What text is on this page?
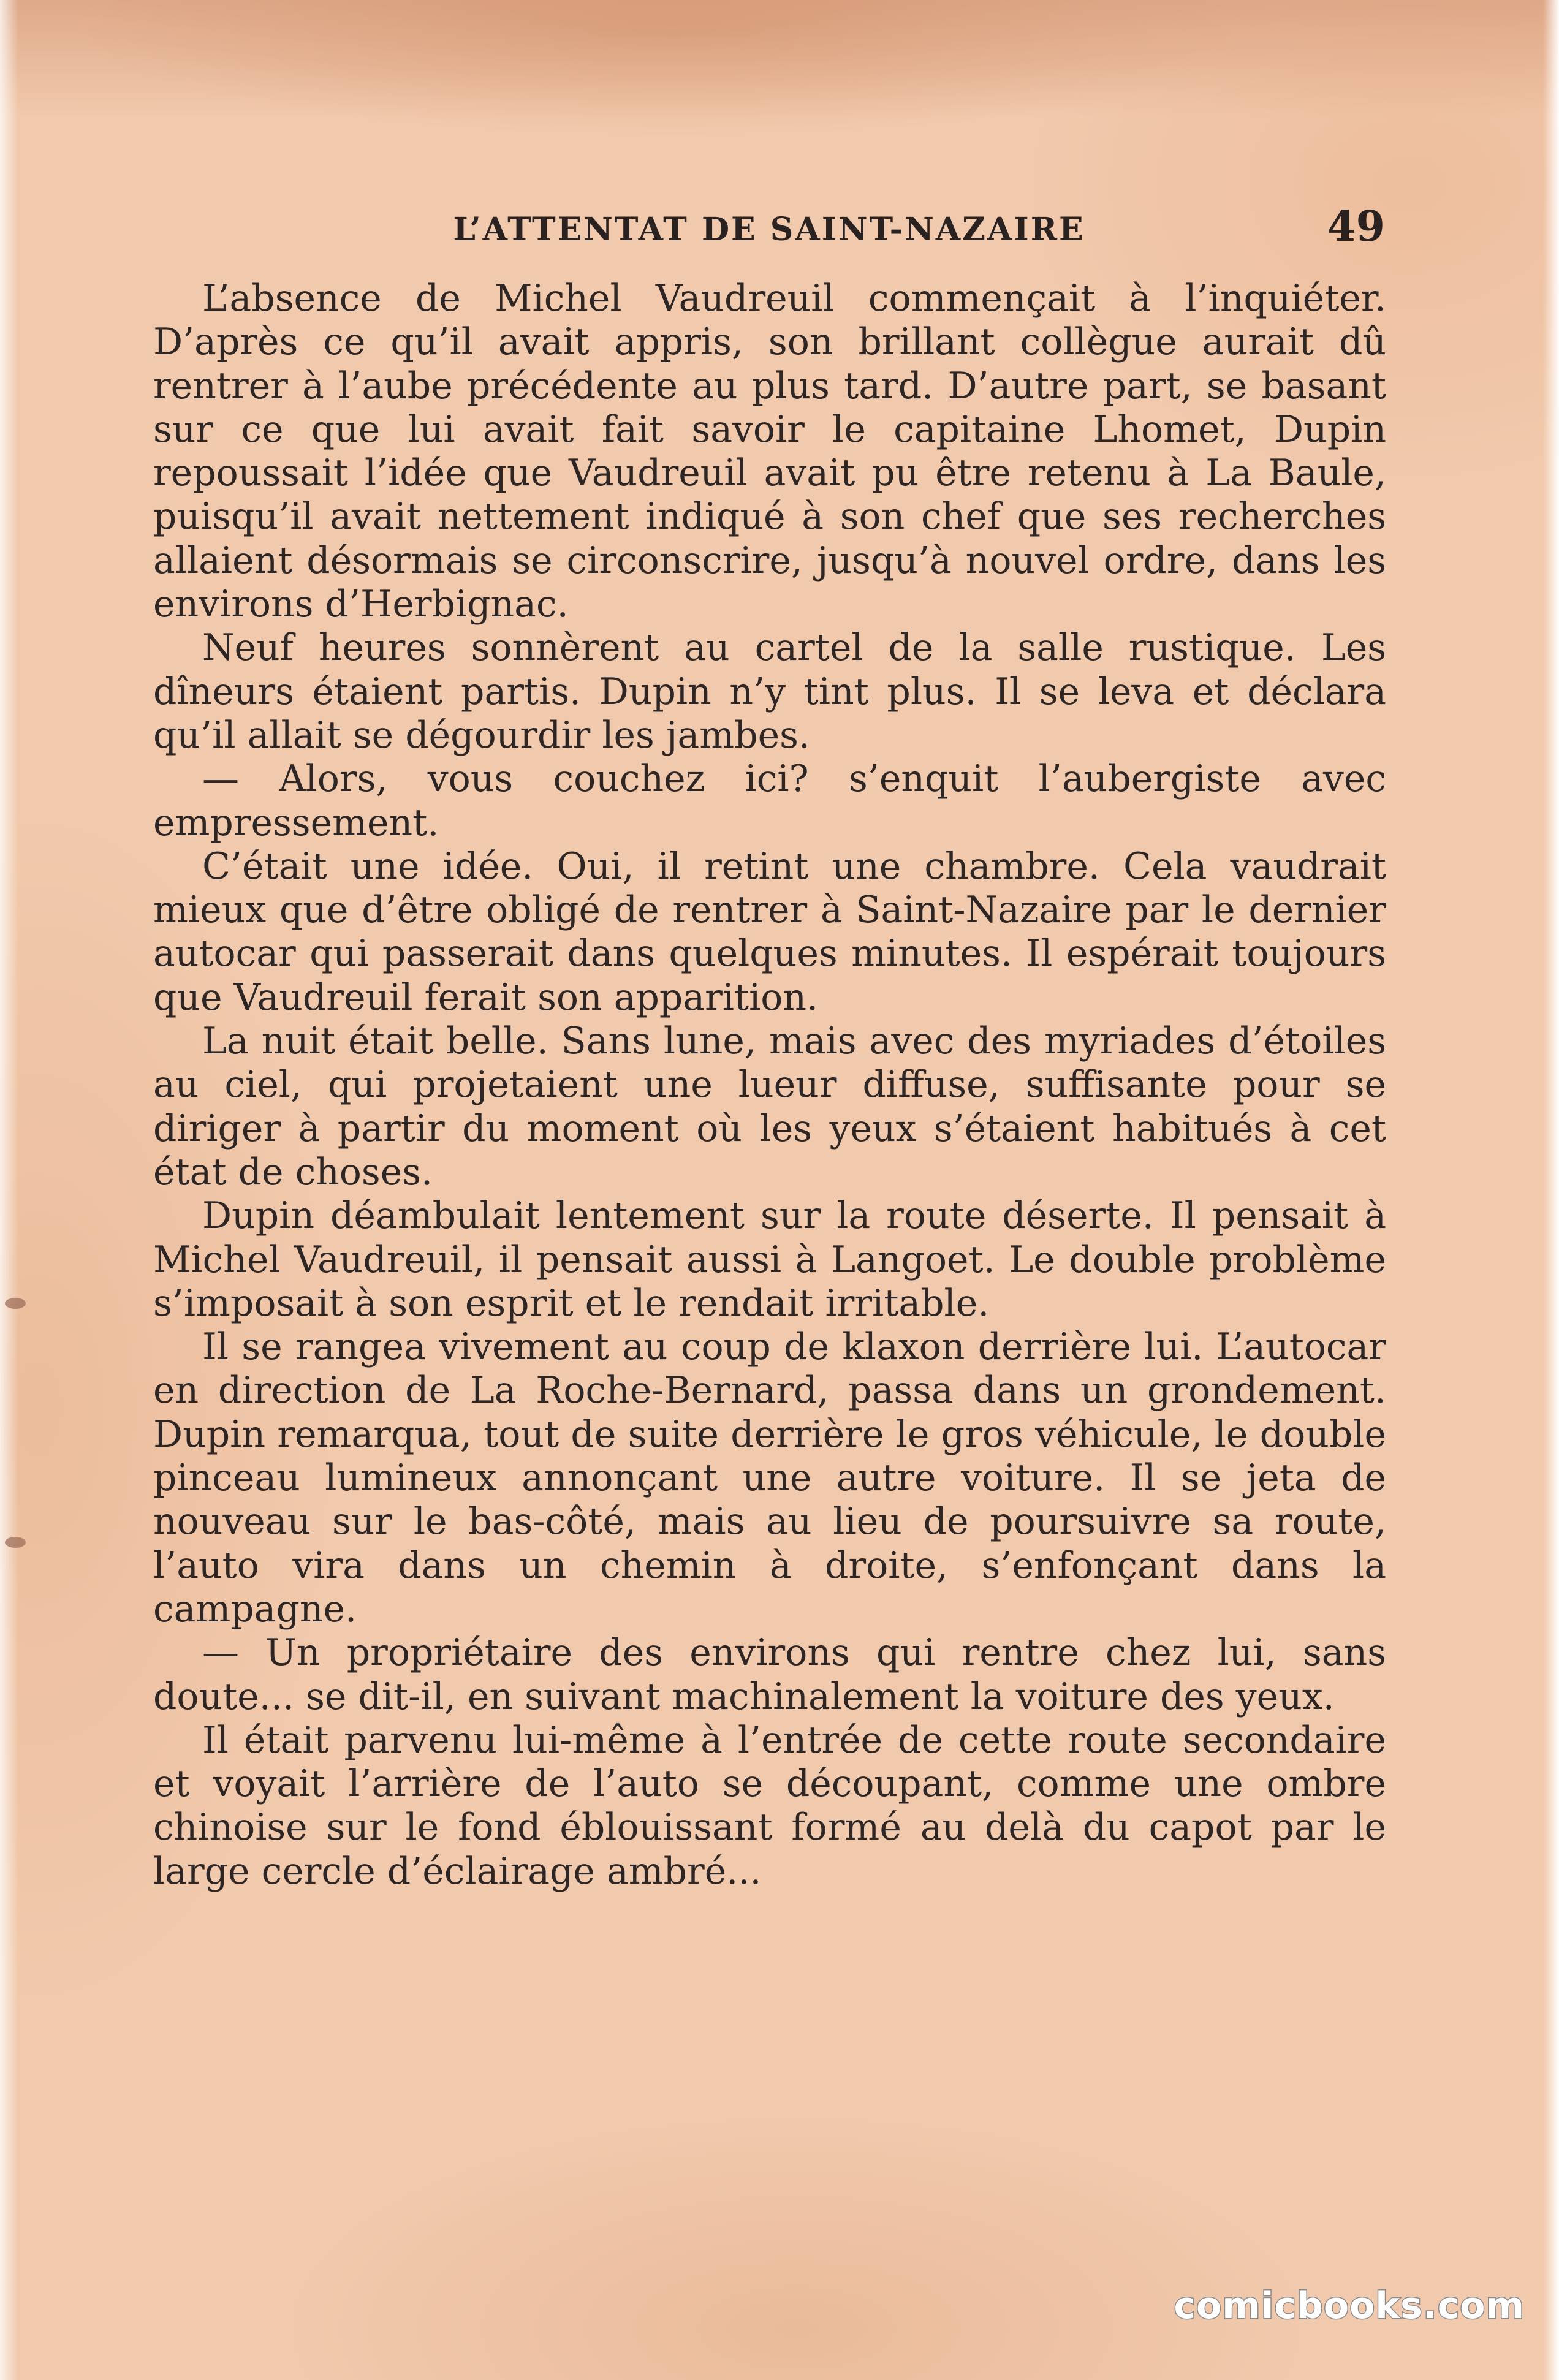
L’ATTENTAT DE SAINT-NAZAIRE	49

L’absence de Michel Vaudreuil commençait à l’inquiéter. D’après ce qu’il avait appris, son brillant collègue aurait dû rentrer à l’aube précédente au plus tard. D’autre part, se basant sur ce que lui avait fait savoir le capitaine Lhomet, Dupin repoussait l’idée que Vaudreuil avait pu être retenu à La Baule, puisqu’il avait nettement indiqué à son chef que ses recherches allaient désormais se circonscrire, jusqu’à nouvel ordre, dans les environs d’Herbignac.

Neuf heures sonnèrent au cartel de la salle rustique. Les dîneurs étaient partis. Dupin n’y tint plus. Il se leva et déclara qu’il allait se dégourdir les jambes.

— Alors, vous couchez ici? s’enquit l’aubergiste avec empressement.

C’était une idée. Oui, il retint une chambre. Cela vaudrait mieux que d’être obligé de rentrer à Saint-Nazaire par le dernier autocar qui passerait dans quelques minutes. Il espérait toujours que Vaudreuil ferait son apparition.

La nuit était belle. Sans lune, mais avec des myriades d’étoiles au ciel, qui projetaient une lueur diffuse, suffisante pour se diriger à partir du moment où les yeux s’étaient habitués à cet état de choses.

Dupin déambulait lentement sur la route déserte. Il pensait à Michel Vaudreuil, il pensait aussi à Langoet. Le double problème s’imposait à son esprit et le rendait irritable.

Il se rangea vivement au coup de klaxon derrière lui. L’autocar en direction de La Roche-Bernard, passa dans un grondement. Dupin remarqua, tout de suite derrière le gros véhicule, le double pinceau lumineux annonçant une autre voiture. Il se jeta de nouveau sur le bas-côté, mais au lieu de poursuivre sa route, l’auto vira dans un chemin à droite, s’enfonçant dans la campagne.

— Un propriétaire des environs qui rentre chez lui, sans doute... se dit-il, en suivant machinalement la voiture des yeux.

Il était parvenu lui-même à l’entrée de cette route secondaire et voyait l’arrière de l’auto se découpant, comme une ombre chinoise sur le fond éblouissant formé au delà du capot par le large cercle d’éclairage ambré...

comicbooks.com
